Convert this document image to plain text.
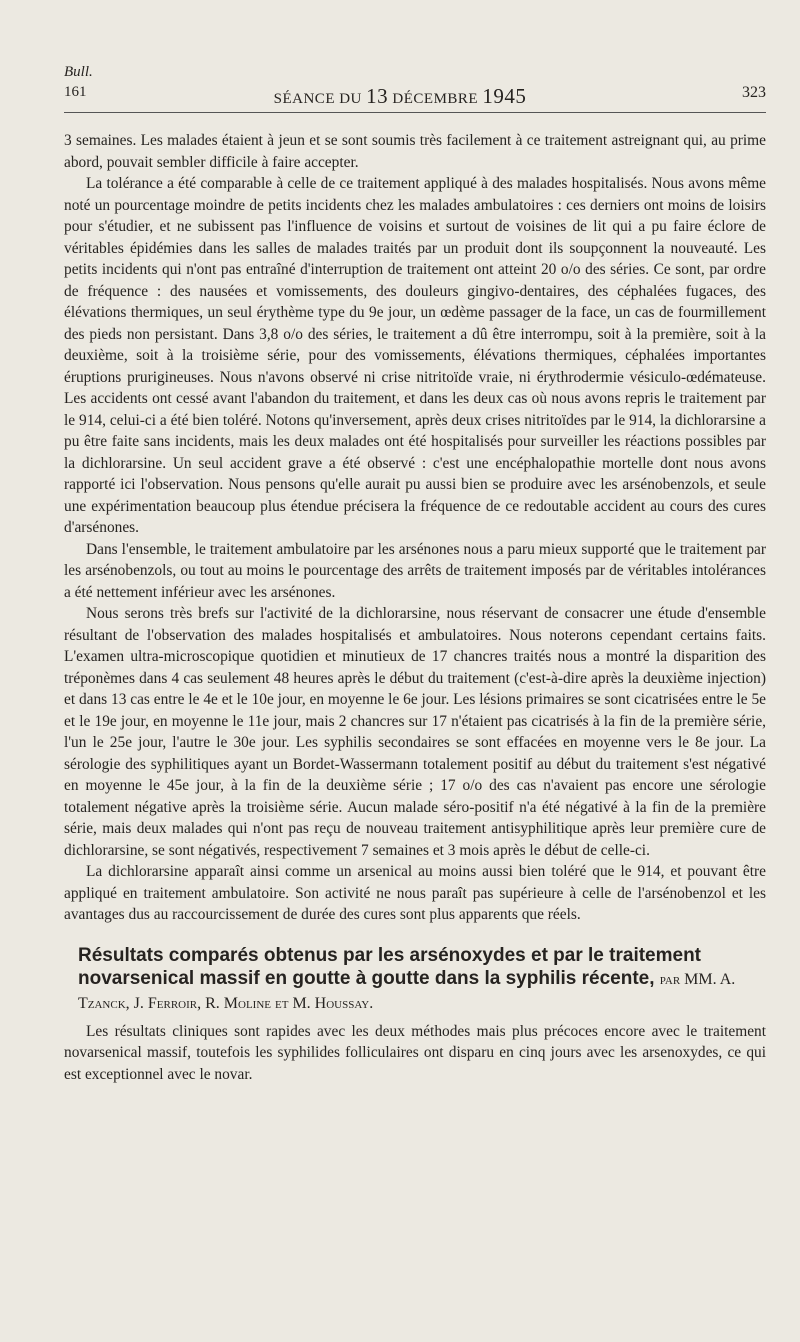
Bull.
161	SÉANCE DU 13 DÉCEMBRE 1945	323

3 semaines. Les malades étaient à jeun et se sont soumis très facilement à ce traitement astreignant qui, au prime abord, pouvait sembler difficile à faire accepter.

La tolérance a été comparable à celle de ce traitement appliqué à des malades hospitalisés. Nous avons même noté un pourcentage moindre de petits incidents chez les malades ambulatoires : ces derniers ont moins de loisirs pour s'étudier, et ne subissent pas l'influence de voisins et surtout de voisines de lit qui a pu faire éclore de véritables épidémies dans les salles de malades traités par un produit dont ils soupçonnent la nouveauté. Les petits incidents qui n'ont pas entraîné d'interruption de traitement ont atteint 20 o/o des séries. Ce sont, par ordre de fréquence : des nausées et vomissements, des douleurs gingivo-dentaires, des céphalées fugaces, des élévations thermiques, un seul érythème type du 9e jour, un œdème passager de la face, un cas de fourmillement des pieds non persistant. Dans 3,8 o/o des séries, le traitement a dû être interrompu, soit à la première, soit à la deuxième, soit à la troisième série, pour des vomissements, élévations thermiques, céphalées importantes éruptions prurigineuses. Nous n'avons observé ni crise nitritoïde vraie, ni érythrodermie vésiculo-œdémateuse. Les accidents ont cessé avant l'abandon du traitement, et dans les deux cas où nous avons repris le traitement par le 914, celui-ci a été bien toléré. Notons qu'inversement, après deux crises nitritoïdes par le 914, la dichlorarsine a pu être faite sans incidents, mais les deux malades ont été hospitalisés pour surveiller les réactions possibles par la dichlorarsine. Un seul accident grave a été observé : c'est une encéphalopathie mortelle dont nous avons rapporté ici l'observation. Nous pensons qu'elle aurait pu aussi bien se produire avec les arsénobenzols, et seule une expérimentation beaucoup plus étendue précisera la fréquence de ce redoutable accident au cours des cures d'arsénones.

Dans l'ensemble, le traitement ambulatoire par les arsénones nous a paru mieux supporté que le traitement par les arsénobenzols, ou tout au moins le pourcentage des arrêts de traitement imposés par de véritables intolérances a été nettement inférieur avec les arsénones.

Nous serons très brefs sur l'activité de la dichlorarsine, nous réservant de consacrer une étude d'ensemble résultant de l'observation des malades hospitalisés et ambulatoires. Nous noterons cependant certains faits. L'examen ultra-microscopique quotidien et minutieux de 17 chancres traités nous a montré la disparition des tréponèmes dans 4 cas seulement 48 heures après le début du traitement (c'est-à-dire après la deuxième injection) et dans 13 cas entre le 4e et le 10e jour, en moyenne le 6e jour. Les lésions primaires se sont cicatrisées entre le 5e et le 19e jour, en moyenne le 11e jour, mais 2 chancres sur 17 n'étaient pas cicatrisés à la fin de la première série, l'un le 25e jour, l'autre le 30e jour. Les syphilis secondaires se sont effacées en moyenne vers le 8e jour. La sérologie des syphilitiques ayant un Bordet-Wassermann totalement positif au début du traitement s'est négativé en moyenne le 45e jour, à la fin de la deuxième série ; 17 o/o des cas n'avaient pas encore une sérologie totalement négative après la troisième série. Aucun malade séro-positif n'a été négativé à la fin de la première série, mais deux malades qui n'ont pas reçu de nouveau traitement antisyphilitique après leur première cure de dichlorarsine, se sont négativés, respectivement 7 semaines et 3 mois après le début de celle-ci.

La dichlorarsine apparaît ainsi comme un arsenical au moins aussi bien toléré que le 914, et pouvant être appliqué en traitement ambulatoire. Son activité ne nous paraît pas supérieure à celle de l'arsénobenzol et les avantages dus au raccourcissement de durée des cures sont plus apparents que réels.

Résultats comparés obtenus par les arsénoxydes et par le traitement novarsenical massif en goutte à goutte dans la syphilis récente, par MM. A. Tzanck, J. Ferroir, R. Moline et M. Houssay.

Les résultats cliniques sont rapides avec les deux méthodes mais plus précoces encore avec le traitement novarsenical massif, toutefois les syphilides folliculaires ont disparu en cinq jours avec les arsenoxydes, ce qui est exceptionnel avec le novar.
